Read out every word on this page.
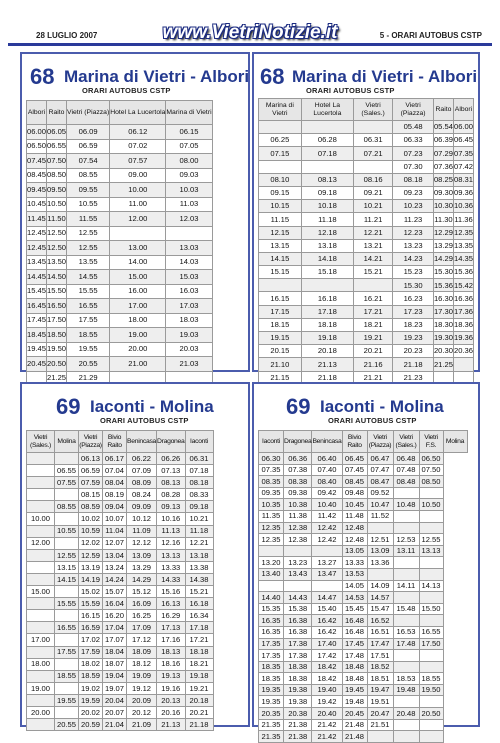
28 LUGLIO 2007	www.VietriNotizie.it	5 - ORARI AUTOBUS CSTP
68 Marina di Vietri - Albori
ORARI AUTOBUS CSTP
Albori	Raito	Vietri (Piazza)	Hotel La Lucertola	Marina di Vietri
06.00	06.05	06.09	06.12	06.15
06.50	06.55	06.59	07.02	07.05
07.45	07.50	07.54	07.57	08.00
08.45	08.50	08.55	09.00	09.03
09.45	09.50	09.55	10.00	10.03
10.45	10.50	10.55	11.00	11.03
11.45	11.50	11.55	12.00	12.03
12.45	12.50	12.55		
12.45	12.50	12.55	13.00	13.03
13.45	13.50	13.55	14.00	14.03
14.45	14.50	14.55	15.00	15.03
15.45	15.50	15.55	16.00	16.03
16.45	16.50	16.55	17.00	17.03
17.45	17.50	17.55	18.00	18.03
18.45	18.50	18.55	19.00	19.03
19.45	19.50	19.55	20.00	20.03
20.45	20.50	20.55	21.00	21.03
	21.25	21.29		
68 Marina di Vietri - Albori
ORARI AUTOBUS CSTP
Marina di Vietri	Hotel La Lucertola	Vietri (Sales.)	Vietri (Piazza)	Raito	Albori
			05.48	05.54	06.00
06.25	06.28	06.31	06.33	06.39	06.45
07.15	07.18	07.21	07.23	07.29	07.35
			07.30	07.36	07.42
08.10	08.13	08.16	08.18	08.25	08.31
09.15	09.18	09.21	09.23	09.30	09.36
10.15	10.18	10.21	10.23	10.30	10.36
11.15	11.18	11.21	11.23	11.30	11.36
12.15	12.18	12.21	12.23	12.29	12.35
13.15	13.18	13.21	13.23	13.29	13.35
14.15	14.18	14.21	14.23	14.29	14.35
15.15	15.18	15.21	15.23	15.30	15.36
			15.30	15.36	15.42
16.15	16.18	16.21	16.23	16.30	16.36
17.15	17.18	17.21	17.23	17.30	17.36
18.15	18.18	18.21	18.23	18.30	18.36
19.15	19.18	19.21	19.23	19.30	19.36
20.15	20.18	20.21	20.23	20.30	20.36
21.10	21.13	21.16	21.18	21.25	
21.15	21.18	21.21	21.23		
69 Iaconti - Molina
ORARI AUTOBUS CSTP
Vietri (Sales.)	Molina	Vietri (Piazza)	Bivio Raito	Benincasa	Dragonea	Iaconti
		06.13	06.17	06.22	06.26	06.31
	06.55	06.59	07.04	07.09	07.13	07.18
	07.55	07.59	08.04	08.09	08.13	08.18
		08.15	08.19	08.24	08.28	08.33
	08.55	08.59	09.04	09.09	09.13	09.18
10.00		10.02	10.07	10.12	10.16	10.21
	10.55	10.59	11.04	11.09	11.13	11.18
12.00		12.02	12.07	12.12	12.16	12.21
	12.55	12.59	13.04	13.09	13.13	13.18
	13.15	13.19	13.24	13.29	13.33	13.38
	14.15	14.19	14.24	14.29	14.33	14.38
15.00		15.02	15.07	15.12	15.16	15.21
	15.55	15.59	16.04	16.09	16.13	16.18
		16.15	16.20	16.25	16.29	16.34
	16.55	16.59	17.04	17.09	17.13	17.18
17.00		17.02	17.07	17.12	17.16	17.21
	17.55	17.59	18.04	18.09	18.13	18.18
18.00		18.02	18.07	18.12	18.16	18.21
	18.55	18.59	19.04	19.09	19.13	19.18
19.00		19.02	19.07	19.12	19.16	19.21
	19.55	19.59	20.04	20.09	20.13	20.18
20.00		20.02	20.07	20.12	20.16	20.21
	20.55	20.59	21.04	21.09	21.13	21.18
69 Iaconti - Molina
ORARI AUTOBUS CSTP
Iaconti	Dragonea	Benincasa	Bivio Raito	Vietri (Piazza)	Vietri (Sales.)	Vietri F.S.	Molina
06.30	06.36	06.40	06.45	06.47	06.48	06.50	
07.35	07.38	07.40	07.45	07.47	07.48	07.50	
08.35	08.38	08.40	08.45	08.47	08.48	08.50	
09.35	09.38	09.42	09.48	09.52			
10.35	10.38	10.40	10.45	10.47	10.48	10.50	
11.35	11.38	11.42	11.48	11.52			
12.35	12.38	12.42	12.48				
12.35	12.38	12.42	12.48	12.51	12.53	12.55	
			13.05	13.09	13.11	13.13	
13.20	13.23	13.27	13.33	13.36			
13.40	13.43	13.47	13.53				
			14.05	14.09	14.11	14.13	
14.40	14.43	14.47	14.53	14.57			
15.35	15.38	15.40	15.45	15.47	15.48	15.50	
16.35	16.38	16.42	16.48	16.52			
16.35	16.38	16.42	16.48	16.51	16.53	16.55	
17.35	17.38	17.40	17.45	17.47	17.48	17.50	
17.35	17.38	17.42	17.48	17.51			
18.35	18.38	18.42	18.48	18.52			
18.35	18.38	18.42	18.48	18.51	18.53	18.55	
19.35	19.38	19.40	19.45	19.47	19.48	19.50	
19.35	19.38	19.42	19.48	19.51			
20.35	20.38	20.40	20.45	20.47	20.48	20.50	
21.35	21.38	21.42	21.48	21.51			
21.35	21.38	21.42	21.48				
